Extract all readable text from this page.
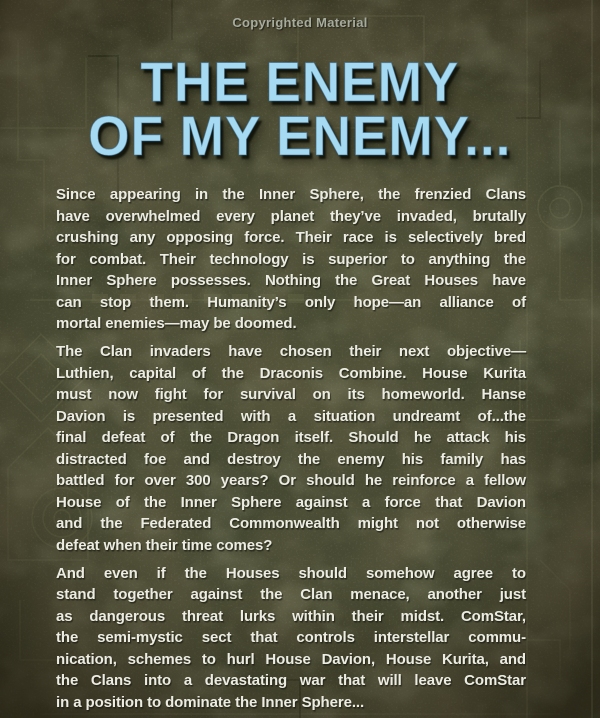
Copyrighted Material
THE ENEMY
OF MY ENEMY...
Since appearing in the Inner Sphere, the frenzied Clans
have overwhelmed every planet they’ve invaded, brutally
crushing any opposing force. Their race is selectively bred
for combat. Their technology is superior to anything the
Inner Sphere possesses. Nothing the Great Houses have
can stop them. Humanity’s only hope—an alliance of
mortal enemies—may be doomed.
The Clan invaders have chosen their next objective—
Luthien, capital of the Draconis Combine. House Kurita
must now fight for survival on its homeworld. Hanse
Davion is presented with a situation undreamt of...the
final defeat of the Dragon itself. Should he attack his
distracted foe and destroy the enemy his family has
battled for over 300 years? Or should he reinforce a fellow
House of the Inner Sphere against a force that Davion
and the Federated Commonwealth might not otherwise
defeat when their time comes?
And even if the Houses should somehow agree to
stand together against the Clan menace, another just
as dangerous threat lurks within their midst. ComStar,
the semi-mystic sect that controls interstellar commu-
nication, schemes to hurl House Davion, House Kurita, and
the Clans into a devastating war that will leave ComStar
in a position to dominate the Inner Sphere...
